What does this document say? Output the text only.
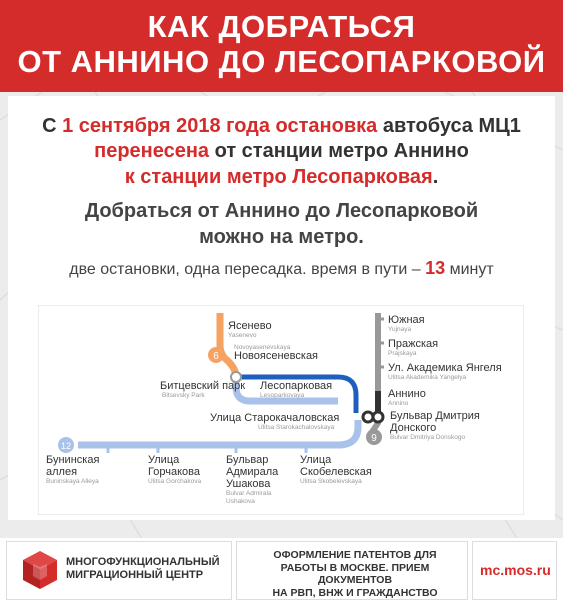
КАК ДОБРАТЬСЯ
ОТ АННИНО ДО ЛЕСОПАРКОВОЙ
С 1 сентября 2018 года остановка автобуса МЦ1
перенесена от станции метро Аннино
к станции метро Лесопарковая.
Добраться от Аннино до Лесопарковой
можно на метро.
две остановки, одна пересадка. время в пути – 13 минут
6
12
9
Ясенево
Yasenevo
Новоясеневская
Novoyasenevskaya
Битцевский парк
Bitsevsky Park
Лесопарковая
Lesoparkovaya
Улица Старокачаловская
Ulitsa Starokachalovskaya
Южная
Yujnaya
Пражская
Prajskaya
Ул. Академика Янгеля
Ulitsa Akademika Yangelya
Аннино
Annino
Бульвар Дмитрия
Донского
Bulvar Dmitriya Donskogo
Бунинская
аллея
Buninskaya Alleya
Улица
Горчакова
Ulitsa Gorchakova
Бульвар
Адмирала
Ушакова
Bulvar Admirala
Ushakova
Улица
Скобелевская
Ulitsa Skobelevskaya
МНОГОФУНКЦИОНАЛЬНЫЙ
МИГРАЦИОННЫЙ ЦЕНТР
ОФОРМЛЕНИЕ ПАТЕНТОВ ДЛЯ
РАБОТЫ В МОСКВЕ. ПРИЕМ ДОКУМЕНТОВ
НА РВП, ВНЖ И ГРАЖДАНСТВО
mc.mos.ru
